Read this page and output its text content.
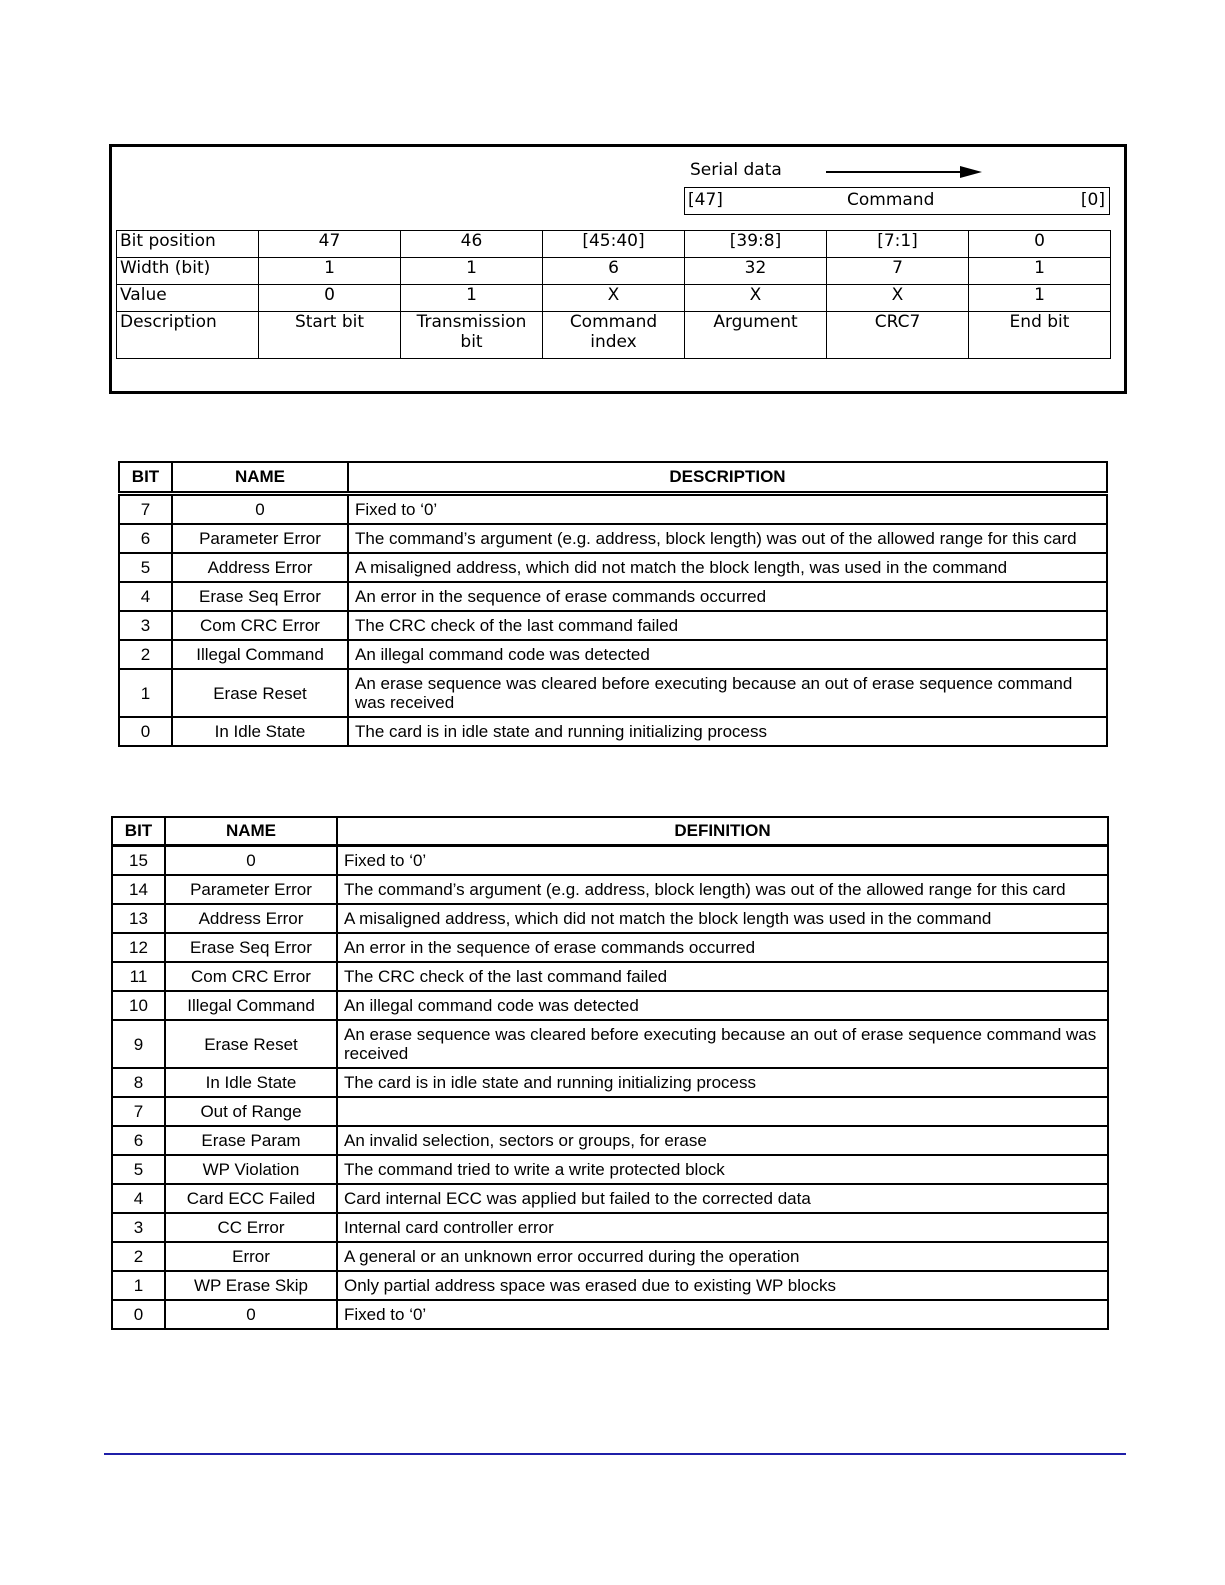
Serial data
[47]	Command	[0]
Bit position	47	46	[45:40]	[39:8]	[7:1]	0
Width (bit)	1	1	6	32	7	1
Value	0	1	X	X	X	1
Description	Start bit	Transmission bit	Command index	Argument	CRC7	End bit
BIT	NAME	DESCRIPTION
7	0	Fixed to ‘0’
6	Parameter Error	The command’s argument (e.g. address, block length) was out of the allowed range for this card
5	Address Error	A misaligned address, which did not match the block length, was used in the command
4	Erase Seq Error	An error in the sequence of erase commands occurred
3	Com CRC Error	The CRC check of the last command failed
2	Illegal Command	An illegal command code was detected
1	Erase Reset	An erase sequence was cleared before executing because an out of erase sequence command was received
0	In Idle State	The card is in idle state and running initializing process
BIT	NAME	DEFINITION
15	0	Fixed to ‘0’
14	Parameter Error	The command’s argument (e.g. address, block length) was out of the allowed range for this card
13	Address Error	A misaligned address, which did not match the block length was used in the command
12	Erase Seq Error	An error in the sequence of erase commands occurred
11	Com CRC Error	The CRC check of the last command failed
10	Illegal Command	An illegal command code was detected
9	Erase Reset	An erase sequence was cleared before executing because an out of erase sequence command was received
8	In Idle State	The card is in idle state and running initializing process
7	Out of Range	
6	Erase Param	An invalid selection, sectors or groups, for erase
5	WP Violation	The command tried to write a write protected block
4	Card ECC Failed	Card internal ECC was applied but failed to the corrected data
3	CC Error	Internal card controller error
2	Error	A general or an unknown error occurred during the operation
1	WP Erase Skip	Only partial address space was erased due to existing WP blocks
0	0	Fixed to ‘0’
